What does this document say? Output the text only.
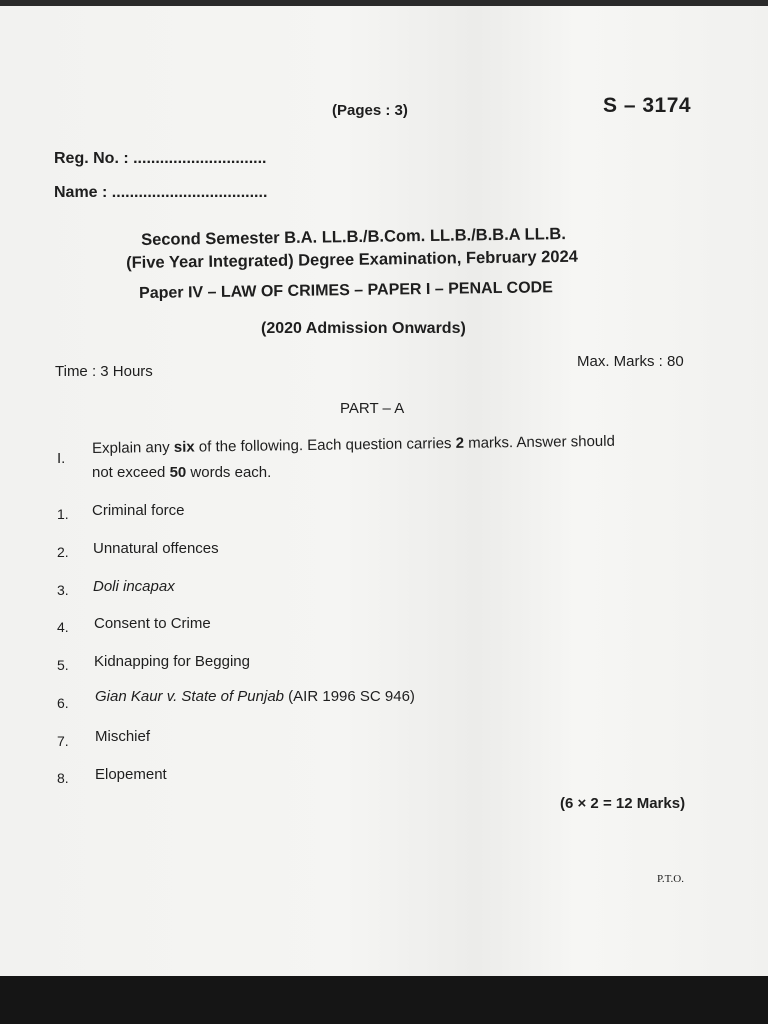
(Pages : 3)	S – 3174
Reg. No. : ..............................
Name : ...................................
Second Semester B.A. LL.B./B.Com. LL.B./B.B.A LL.B.
(Five Year Integrated) Degree Examination, February 2024
Paper IV – LAW OF CRIMES – PAPER I – PENAL CODE
(2020 Admission Onwards)
Time : 3 Hours
Max. Marks : 80
PART – A
I.
Explain any six of the following. Each question carries 2 marks. Answer should
not exceed 50 words each.
1. Criminal force
2. Unnatural offences
3. Doli incapax
4. Consent to Crime
5. Kidnapping for Begging
6. Gian Kaur v. State of Punjab (AIR 1996 SC 946)
7. Mischief
8. Elopement
(6 × 2 = 12 Marks)
P.T.O.
